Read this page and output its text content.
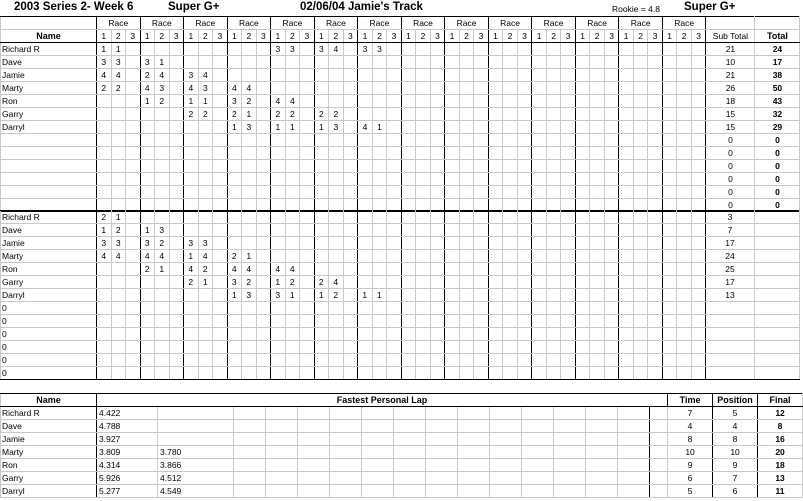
2003 Series 2- Week 6	Super G+	02/06/04 Jamie's Track	Rookie = 4.8 Super G+
	Race			Race			Race			Race			Race			Race			Race			Race			Race			Race			Race			Race			Race			Race				
Name	1	2	3	1	2	3	1	2	3	1	2	3	1	2	3	1	2	3	1	2	3	1	2	3	1	2	3	1	2	3	1	2	3	1	2	3	1	2	3	1	2	3	Sub Total	Total
Richard R	1	1											3	3		3	4		3	3																							21	24
Dave	3	3		3	1																																						10	17
Jamie	4	4		2	4		3	4																																			21	38
Marty	2	2		4	3		4	3		4	4																																26	50
Ron				1	2		1	1		3	2		4	4																													18	43
Garry							2	2		2	1		2	2		2	2																										15	32
Darryl										1	3		1	1		1	3		4	1																							15	29
																																											0	0
																																											0	0
																																											0	0
																																											0	0
																																											0	0
																																											0	0
Richard R	2	1																																									3	
Dave	1	2		1	3																																						7	
Jamie	3	3		3	2		3	3																																			17	
Marty	4	4		4	4		1	4		2	1																																24	
Ron				2	1		4	2		4	4		4	4																													25	
Garry							2	1		3	2		1	2		2	4																										17	
Darryl										1	3		3	1		1	2		1	1																							13	
0																																												
0																																												
0																																												
0																																												
0																																												
0																																												
Name	Fastest Personal Lap																Time	Position	Final
Richard R	4.422																7	5	12
Dave	4.788																4	4	8
Jamie	3.927																8	8	16
Marty	3.809	3.780															10	10	20
Ron	4.314	3.866															9	9	18
Garry	5.926	4.512															6	7	13
Darryl	5.277	4.549															5	6	11
